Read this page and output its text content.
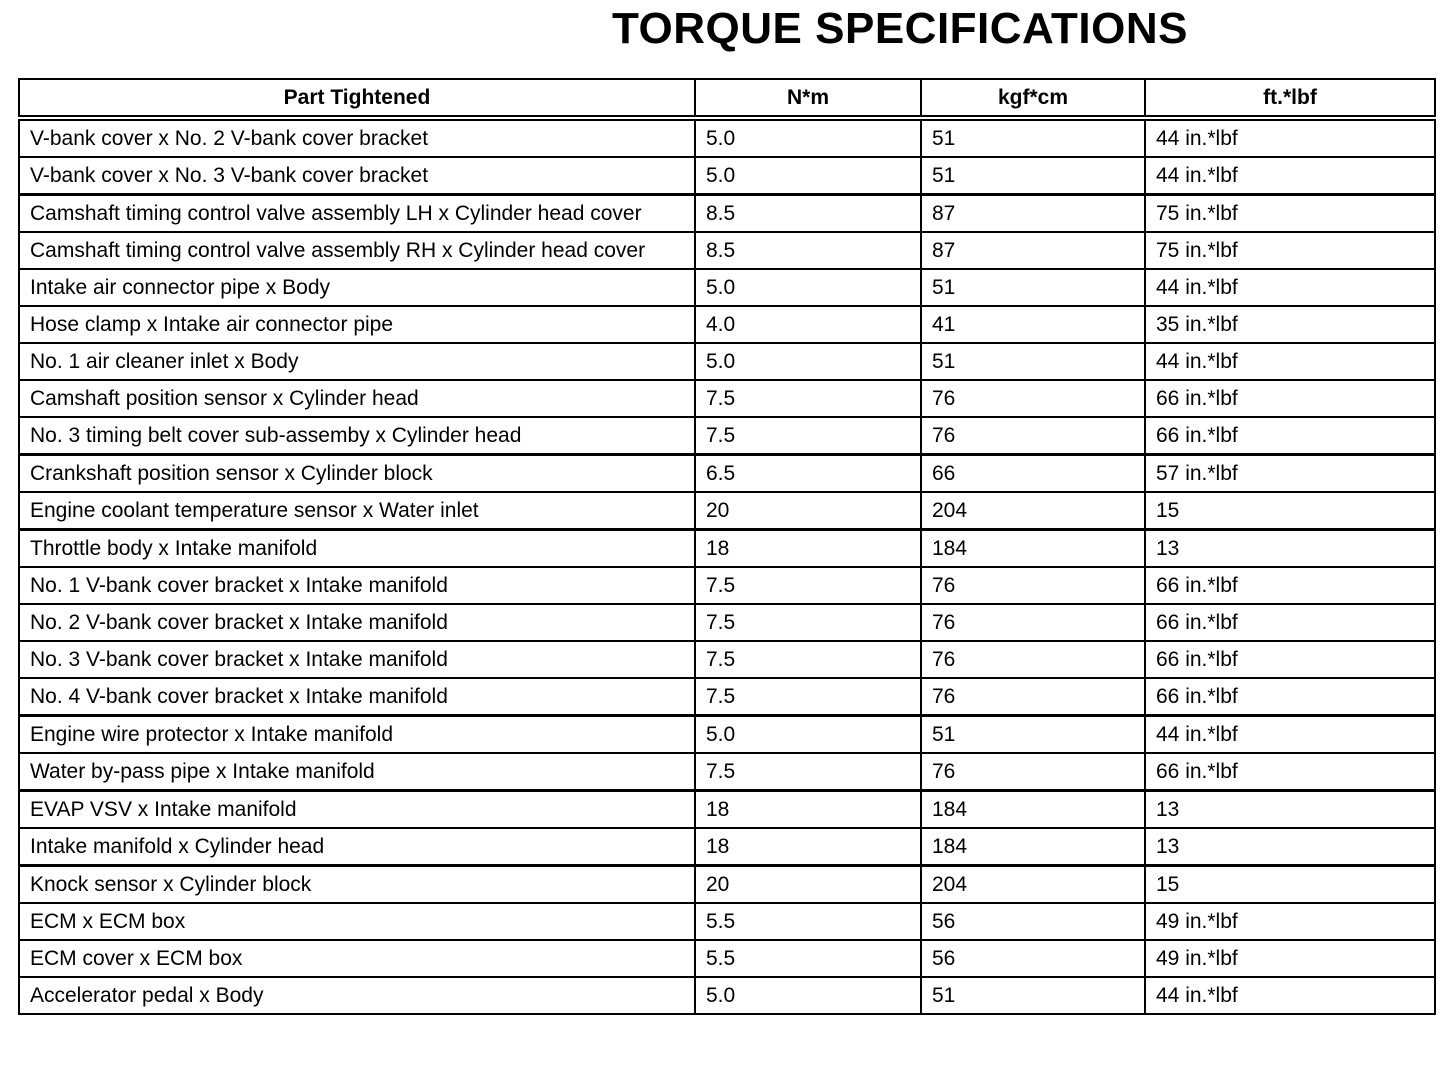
TORQUE SPECIFICATIONS
Part Tightened	N*m	kgf*cm	ft.*lbf
V-bank cover x No. 2 V-bank cover bracket	5.0	51	44 in.*lbf
V-bank cover x No. 3 V-bank cover bracket	5.0	51	44 in.*lbf
Camshaft timing control valve assembly LH x Cylinder head cover	8.5	87	75 in.*lbf
Camshaft timing control valve assembly RH x Cylinder head cover	8.5	87	75 in.*lbf
Intake air connector pipe x Body	5.0	51	44 in.*lbf
Hose clamp x Intake air connector pipe	4.0	41	35 in.*lbf
No. 1 air cleaner inlet x Body	5.0	51	44 in.*lbf
Camshaft position sensor x Cylinder head	7.5	76	66 in.*lbf
No. 3 timing belt cover sub-assemby x Cylinder head	7.5	76	66 in.*lbf
Crankshaft position sensor x Cylinder block	6.5	66	57 in.*lbf
Engine coolant temperature sensor x Water inlet	20	204	15
Throttle body x Intake manifold	18	184	13
No. 1 V-bank cover bracket x Intake manifold	7.5	76	66 in.*lbf
No. 2 V-bank cover bracket x Intake manifold	7.5	76	66 in.*lbf
No. 3 V-bank cover bracket x Intake manifold	7.5	76	66 in.*lbf
No. 4 V-bank cover bracket x Intake manifold	7.5	76	66 in.*lbf
Engine wire protector x Intake manifold	5.0	51	44 in.*lbf
Water by-pass pipe x Intake manifold	7.5	76	66 in.*lbf
EVAP VSV x Intake manifold	18	184	13
Intake manifold x Cylinder head	18	184	13
Knock sensor x Cylinder block	20	204	15
ECM x ECM box	5.5	56	49 in.*lbf
ECM cover x ECM box	5.5	56	49 in.*lbf
Accelerator pedal x Body	5.0	51	44 in.*lbf
